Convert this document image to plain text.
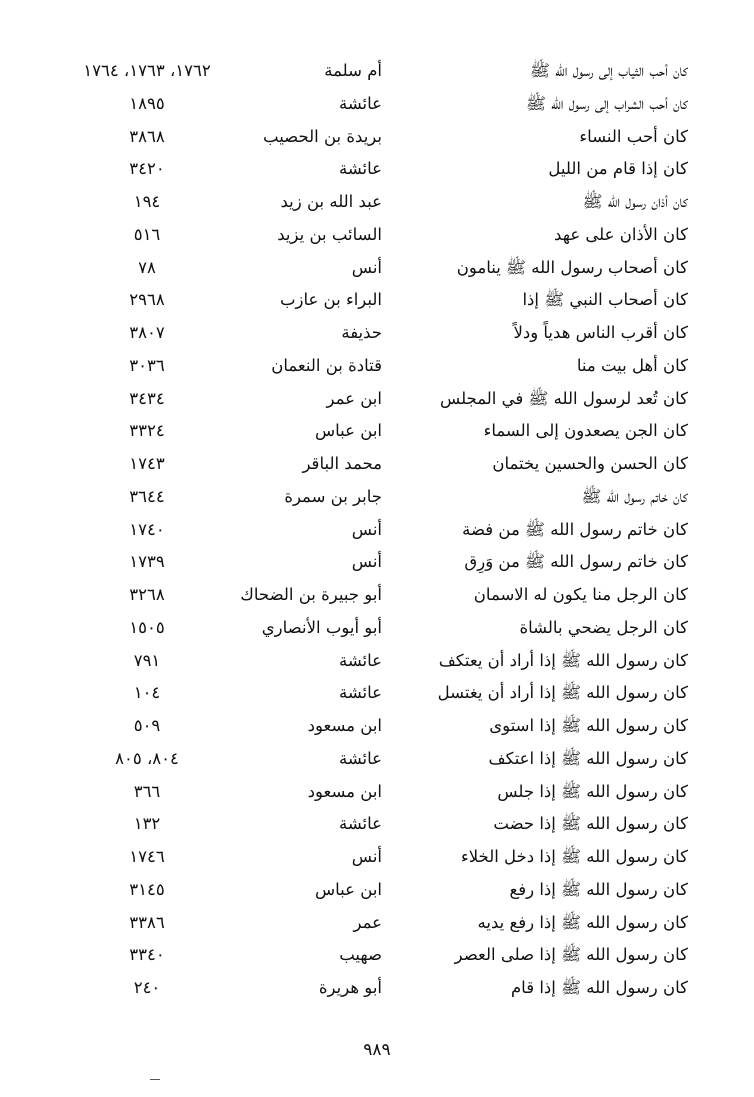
كان أحب الثياب إلى رسول الله ﷺ
أم سلمة
١٧٦٢، ١٧٦٣، ١٧٦٤
كان أحب الشراب إلى رسول الله ﷺ
عائشة
١٨٩٥
كان أحب النساء
بريدة بن الحصيب
٣٨٦٨
كان إذا قام من الليل
عائشة
٣٤٢٠
كان أذان رسول الله ﷺ
عبد الله بن زيد
١٩٤
كان الأذان على عهد
السائب بن يزيد
٥١٦
كان أصحاب رسول الله ﷺ ينامون
أنس
٧٨
كان أصحاب النبي ﷺ إذا
البراء بن عازب
٢٩٦٨
كان أقرب الناس هدياً ودلاً
حذيفة
٣٨٠٧
كان أهل بيت منا
قتادة بن النعمان
٣٠٣٦
كان تُعد لرسول الله ﷺ في المجلس
ابن عمر
٣٤٣٤
كان الجن يصعدون إلى السماء
ابن عباس
٣٣٢٤
كان الحسن والحسين يختمان
محمد الباقر
١٧٤٣
كان خاتم رسول الله ﷺ
جابر بن سمرة
٣٦٤٤
كان خاتم رسول الله ﷺ من فضة
أنس
١٧٤٠
كان خاتم رسول الله ﷺ من وَرِق
أنس
١٧٣٩
كان الرجل منا يكون له الاسمان
أبو جبيرة بن الضحاك
٣٢٦٨
كان الرجل يضحي بالشاة
أبو أيوب الأنصاري
١٥٠٥
كان رسول الله ﷺ إذا أراد أن يعتكف
عائشة
٧٩١
كان رسول الله ﷺ إذا أراد أن يغتسل
عائشة
١٠٤
كان رسول الله ﷺ إذا استوى
ابن مسعود
٥٠٩
كان رسول الله ﷺ إذا اعتكف
عائشة
٨٠٤، ٨٠٥
كان رسول الله ﷺ إذا جلس
ابن مسعود
٣٦٦
كان رسول الله ﷺ إذا حضت
عائشة
١٣٢
كان رسول الله ﷺ إذا دخل الخلاء
أنس
١٧٤٦
كان رسول الله ﷺ إذا رفع
ابن عباس
٣١٤٥
كان رسول الله ﷺ إذا رفع يديه
عمر
٣٣٨٦
كان رسول الله ﷺ إذا صلى العصر
صهيب
٣٣٤٠
كان رسول الله ﷺ إذا قام
أبو هريرة
٢٤٠
٩٨٩
